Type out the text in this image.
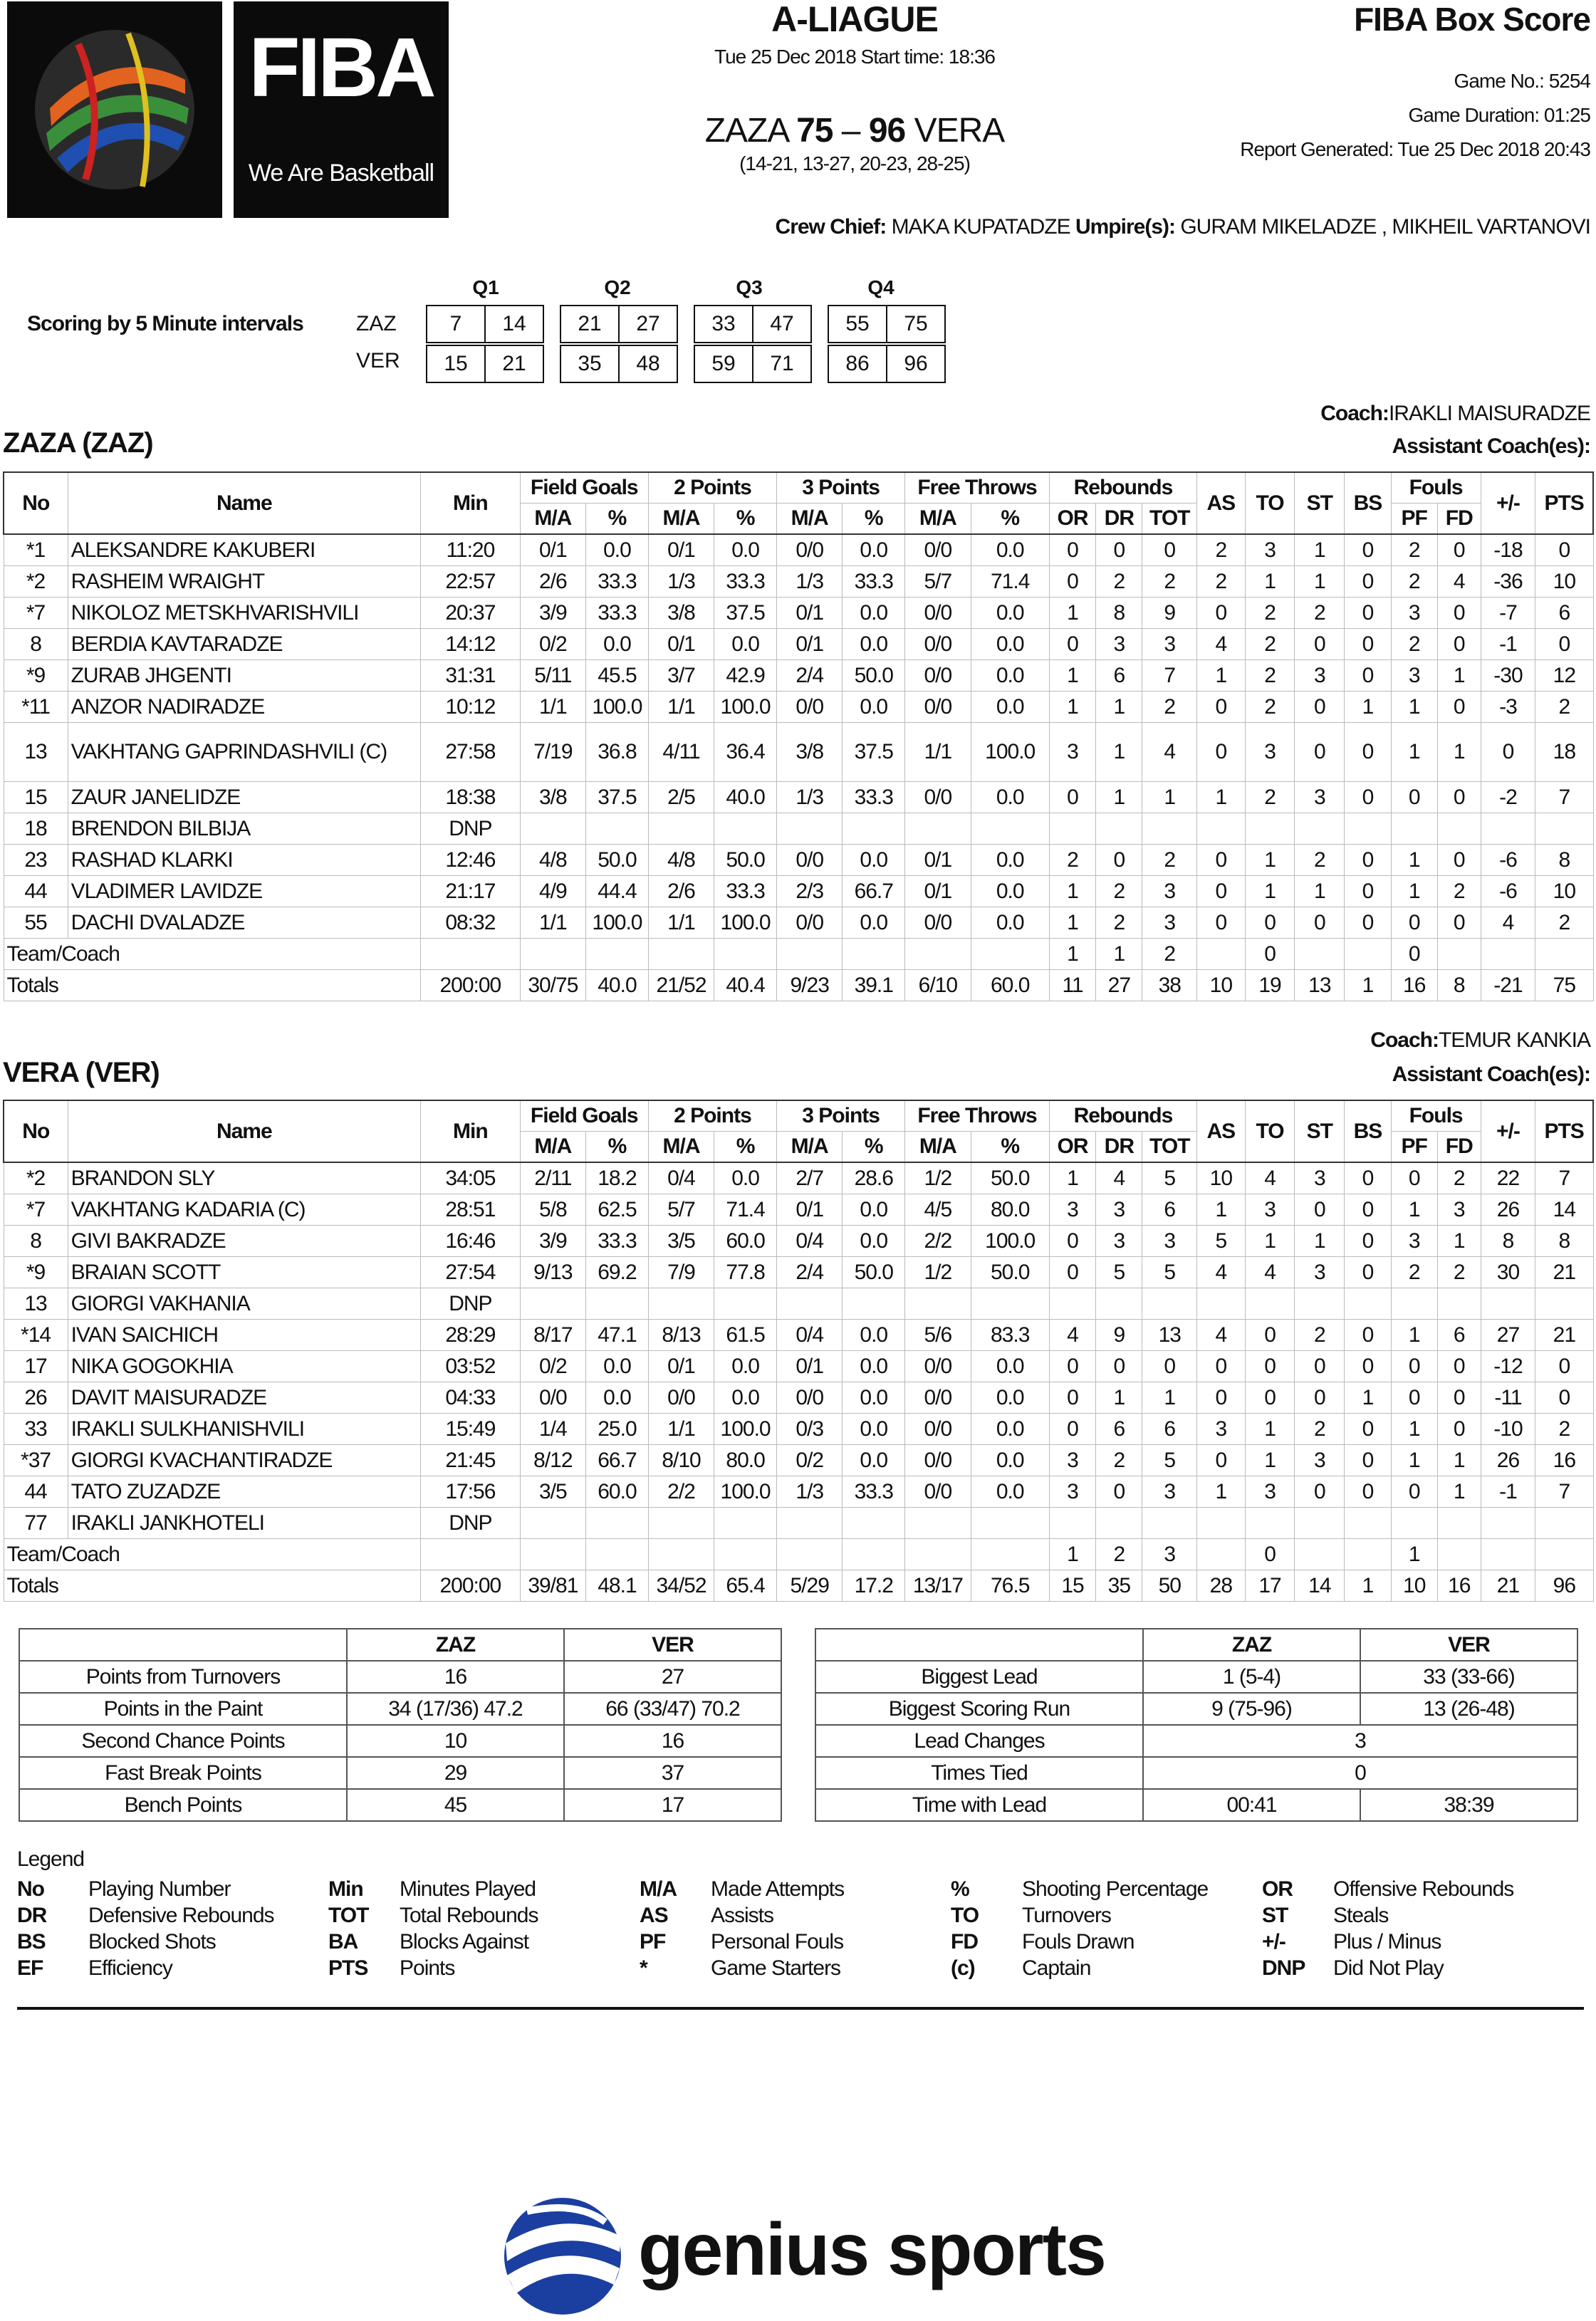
FIBA
We Are Basketball
A-LIAGUE
Tue 25 Dec 2018 Start time: 18:36
ZAZA 75 – 96 VERA
(14-21, 13-27, 20-23, 28-25)
FIBA Box Score
Game No.: 5254
Game Duration: 01:25
Report Generated: Tue 25 Dec 2018 20:43
Crew Chief: MAKA KUPATADZE Umpire(s): GURAM MIKELADZE , MIKHEIL VARTANOVI
Scoring by 5 Minute intervals
Q1	Q2	Q3	Q4
ZAZ
VER
7	14	21	27	33	47	55	75
15	21	35	48	59	71	86	96
Coach:IRAKLI MAISURADZE
Assistant Coach(es):
ZAZA (ZAZ)
No	Name	Min	Field Goals		2 Points		3 Points		Free Throws		Rebounds			AS	TO	ST	BS	Fouls		+/-	PTS
			M/A	%	M/A	%	M/A	%	M/A	%	OR	DR	TOT					PF	FD		
*1	ALEKSANDRE KAKUBERI	11:20	0/1	0.0	0/1	0.0	0/0	0.0	0/0	0.0	0	0	0	2	3	1	0	2	0	-18	0
*2	RASHEIM WRAIGHT	22:57	2/6	33.3	1/3	33.3	1/3	33.3	5/7	71.4	0	2	2	2	1	1	0	2	4	-36	10
*7	NIKOLOZ METSKHVARISHVILI	20:37	3/9	33.3	3/8	37.5	0/1	0.0	0/0	0.0	1	8	9	0	2	2	0	3	0	-7	6
8	BERDIA KAVTARADZE	14:12	0/2	0.0	0/1	0.0	0/1	0.0	0/0	0.0	0	3	3	4	2	0	0	2	0	-1	0
*9	ZURAB JHGENTI	31:31	5/11	45.5	3/7	42.9	2/4	50.0	0/0	0.0	1	6	7	1	2	3	0	3	1	-30	12
*11	ANZOR NADIRADZE	10:12	1/1	100.0	1/1	100.0	0/0	0.0	0/0	0.0	1	1	2	0	2	0	1	1	0	-3	2
13	VAKHTANG GAPRINDASHVILI (C)	27:58	7/19	36.8	4/11	36.4	3/8	37.5	1/1	100.0	3	1	4	0	3	0	0	1	1	0	18
15	ZAUR JANELIDZE	18:38	3/8	37.5	2/5	40.0	1/3	33.3	0/0	0.0	0	1	1	1	2	3	0	0	0	-2	7
18	BRENDON BILBIJA	DNP																			
23	RASHAD KLARKI	12:46	4/8	50.0	4/8	50.0	0/0	0.0	0/1	0.0	2	0	2	0	1	2	0	1	0	-6	8
44	VLADIMER LAVIDZE	21:17	4/9	44.4	2/6	33.3	2/3	66.7	0/1	0.0	1	2	3	0	1	1	0	1	2	-6	10
55	DACHI DVALADZE	08:32	1/1	100.0	1/1	100.0	0/0	0.0	0/0	0.0	1	2	3	0	0	0	0	0	0	4	2
Team/Coach											1	1	2		0			0			
Totals		200:00	30/75	40.0	21/52	40.4	9/23	39.1	6/10	60.0	11	27	38	10	19	13	1	16	8	-21	75
Coach:TEMUR KANKIA
Assistant Coach(es):
VERA (VER)
No	Name	Min	Field Goals		2 Points		3 Points		Free Throws		Rebounds			AS	TO	ST	BS	Fouls		+/-	PTS
			M/A	%	M/A	%	M/A	%	M/A	%	OR	DR	TOT					PF	FD		
*2	BRANDON SLY	34:05	2/11	18.2	0/4	0.0	2/7	28.6	1/2	50.0	1	4	5	10	4	3	0	0	2	22	7
*7	VAKHTANG KADARIA (C)	28:51	5/8	62.5	5/7	71.4	0/1	0.0	4/5	80.0	3	3	6	1	3	0	0	1	3	26	14
8	GIVI BAKRADZE	16:46	3/9	33.3	3/5	60.0	0/4	0.0	2/2	100.0	0	3	3	5	1	1	0	3	1	8	8
*9	BRAIAN SCOTT	27:54	9/13	69.2	7/9	77.8	2/4	50.0	1/2	50.0	0	5	5	4	4	3	0	2	2	30	21
13	GIORGI VAKHANIA	DNP																			
*14	IVAN SAICHICH	28:29	8/17	47.1	8/13	61.5	0/4	0.0	5/6	83.3	4	9	13	4	0	2	0	1	6	27	21
17	NIKA GOGOKHIA	03:52	0/2	0.0	0/1	0.0	0/1	0.0	0/0	0.0	0	0	0	0	0	0	0	0	0	-12	0
26	DAVIT MAISURADZE	04:33	0/0	0.0	0/0	0.0	0/0	0.0	0/0	0.0	0	1	1	0	0	0	1	0	0	-11	0
33	IRAKLI SULKHANISHVILI	15:49	1/4	25.0	1/1	100.0	0/3	0.0	0/0	0.0	0	6	6	3	1	2	0	1	0	-10	2
*37	GIORGI KVACHANTIRADZE	21:45	8/12	66.7	8/10	80.0	0/2	0.0	0/0	0.0	3	2	5	0	1	3	0	1	1	26	16
44	TATO ZUZADZE	17:56	3/5	60.0	2/2	100.0	1/3	33.3	0/0	0.0	3	0	3	1	3	0	0	0	1	-1	7
77	IRAKLI JANKHOTELI	DNP																			
Team/Coach											1	2	3		0			1			
Totals		200:00	39/81	48.1	34/52	65.4	5/29	17.2	13/17	76.5	15	35	50	28	17	14	1	10	16	21	96
	ZAZ	VER
Points from Turnovers	16	27
Points in the Paint	34 (17/36) 47.2	66 (33/47) 70.2
Second Chance Points	10	16
Fast Break Points	29	37
Bench Points	45	17
	ZAZ	VER
Biggest Lead	1 (5-4)	33 (33-66)
Biggest Scoring Run	9 (75-96)	13 (26-48)
Lead Changes	3	
Times Tied	0	
Time with Lead	00:41	38:39
Legend
No Playing Number
DR Defensive Rebounds
BS Blocked Shots
EF Efficiency
Min Minutes Played
TOT Total Rebounds
BA Blocks Against
PTS Points
M/A Made Attempts
AS Assists
PF Personal Fouls
*	Game Starters
% Shooting Percentage
TO Turnovers
FD Fouls Drawn
(c) Captain
OR Offensive Rebounds
ST Steals
+/- Plus / Minus
DNP Did Not Play
genius sports
